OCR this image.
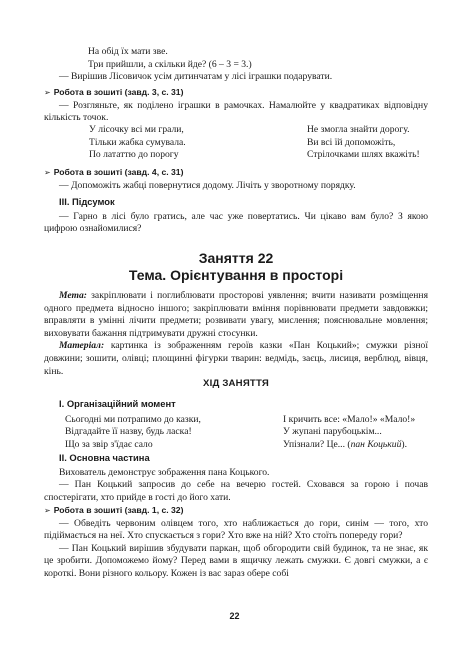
На обід їх мати зве.

Три прийшли, а скільки йде? (6 – 3 = 3.)

— Вирішив Лісовичок усім дитинчатам у лісі іграшки подарувати.

➢ Робота в зошиті (завд. 3, с. 31)

— Розгляньте, як поділено іграшки в рамочках. Намалюйте у квадратиках відповідну кількість точок.

У лісочку всі ми грали,

Тільки жабка сумувала.

По лататтю до порогу

Не змогла знайти дорогу.

Ви всі їй допоможіть,

Стрілочками шлях вкажіть!

➢ Робота в зошиті (завд. 4, с. 31)

— Допоможіть жабці повернутися додому. Лічіть у зворотному порядку.

III. Підсумок

— Гарно в лісі було гратись, але час уже повертатись. Чи цікаво вам було? З якою цифрою ознайомилися?

Заняття 22

Тема. Орієнтування в просторі

Мета: закріплювати і поглиблювати просторові уявлення; вчити називати розміщення одного предмета відносно іншого; закріплювати вміння порівнювати предмети завдовжки; вправляти в умінні лічити предмети; розвивати увагу, мислення; пояснювальне мовлення; виховувати бажання підтримувати дружні стосунки.

Матеріал: картинка із зображенням героїв казки «Пан Коцький»; смужки різної довжини; зошити, олівці; площинні фігурки тварин: ведмідь, заєць, лисиця, верблюд, вівця, кінь.

ХІД ЗАНЯТТЯ

I. Організаційний момент

Сьогодні ми потрапимо до казки,

Відгадайте її назву, будь ласка!

Що за звір з'їдає сало

І кричить все: «Мало!» «Мало!»

У жупані парубоцькім...

Упізнали? Це... (пан Коцький).

II. Основна частина

Вихователь демонструє зображення пана Коцького.

— Пан Коцький запросив до себе на вечерю гостей. Сховався за горою і почав спостерігати, хто прийде в гості до його хати.

➢ Робота в зошиті (завд. 1, с. 32)

— Обведіть червоним олівцем того, хто наближається до гори, синім — того, хто підіймається на неї. Хто спускається з гори? Хто вже на ній? Хто стоїть попереду гори?

— Пан Коцький вирішив збудувати паркан, щоб обгородити свій будинок, та не знає, як це зробити. Допоможемо йому? Перед вами в ящичку лежать смужки. Є довгі смужки, а є короткі. Вони різного кольору. Кожен із вас зараз обере собі

22
